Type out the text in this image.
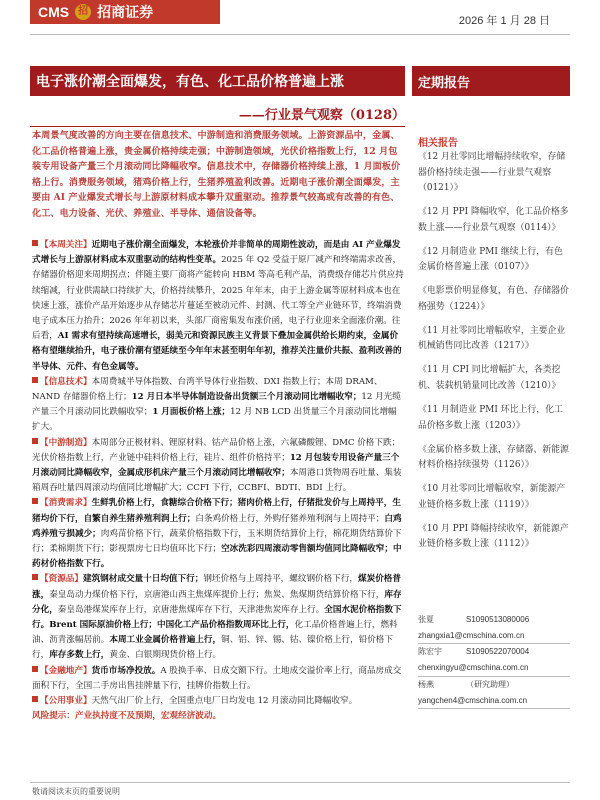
CMS 招 招商证券
2026 年 1 月 28 日
电子涨价潮全面爆发，有色、化工品价格普遍上涨	定期报告
——行业景气观察（0128）
本周景气度改善的方向主要在信息技术、中游制造和消费服务领域。上游资源品中，金属、化工品价格普遍上涨，贵金属价格持续走强；中游制造领域，光伏价格指数上行，12 月包装专用设备产量三个月滚动同比降幅收窄。信息技术中，存储器价格持续上涨，1 月面板价格上行。消费服务领域，猪鸡价格上行，生猪养殖盈利改善。近期电子涨价潮全面爆发，主要由 AI 产业爆发式增长与上游原材料成本攀升双重驱动。推荐景气较高或有改善的有色、化工、电力设备、光伏、养殖业、半导体、通信设备等。

【本周关注】近期电子涨价潮全面爆发，本轮涨价并非简单的周期性波动，而是由 AI 产业爆发式增长与上游原材料成本双重驱动的结构性变革。2025 年 Q2 受益于原厂减产和终端需求改善，存储器价格迎来周期拐点；伴随主要厂商将产能转向 HBM 等高毛利产品，消费级存储芯片供应持续缩减，行业供需缺口持续扩大，价格持续攀升，2025 年年末，由于上游金属等原材料成本也在快速上涨，涨价产品开始逐步从存储芯片蔓延至被动元件、封测、代工等全产业链环节，终端消费电子成本压力抬升；2026 年年初以来，头部厂商密集发布涨价函，电子行业迎来全面涨价潮。往后看，AI 需求有望持续高速增长，弱美元和资源民族主义背景下叠加金属供给长期约束，金属价格有望继续抬升，电子涨价潮有望延续至今年年末甚至明年年初，推荐关注量价共振、盈利改善的半导体、元件、有色金属等。

【信息技术】本周费城半导体指数、台湾半导体行业指数、DXI 指数上行；本周 DRAM、NAND 存储器价格上行；12 月日本半导体制造设备出货额三个月滚动同比增幅收窄；12 月光缆产量三个月滚动同比跌幅收窄；1 月面板价格上涨；12 月 NB LCD 出货量三个月滚动同比增幅扩大。

【中游制造】本周部分正极材料、锂原材料、钴产品价格上涨，六氟磷酸锂、DMC 价格下跌；光伏价格指数上行，产业链中硅料价格上行，硅片、组件价格持平；12 月包装专用设备产量三个月滚动同比降幅收窄，金属成形机床产量三个月滚动同比增幅收窄；本周港口货物周吞吐量、集装箱周吞吐量四周滚动均值同比增幅扩大；CCFI 下行，CCBFI、BDTI、BDI 上行。

【消费需求】生鲜乳价格上行，食糖综合价格下行；猪肉价格上行，仔猪批发价与上周持平，生猪均价下行，自繁自养生猪养殖利润上行；白条鸡价格上行，外购仔猪养殖利润与上周持平；白鸡鸡养殖亏损减少；肉鸡苗价格下行，蔬菜价格指数下行，玉米期货结算价上行，棉花期货结算价下行；柔棉期货下行；影视票房七日均值环比下行；空冰洗彩四周滚动零售额均值同比降幅收窄；中药材价格指数下行。

【资源品】建筑钢材成交量十日均值下行；钢坯价格与上周持平，螺纹钢价格下行，煤炭价格普涨，秦皇岛动力煤价格下行，京唐港山西主焦煤库提价上行；焦炭、焦煤期货结算价格下行，库存分化，秦皇岛港煤炭库存上行，京唐港焦煤库存下行，天津港焦炭库存上行。全国水泥价格指数下行。Brent 国际原油价格上行；中国化工产品价格指数周环比上行，化工品价格普遍上行，燃料油、沥青涨幅居前。本周工业金属价格普遍上行，铜、铝、锌、锡、钴、镍价格上行，铅价格下行，库存多数上行，黄金、白银期现货价格上行。

【金融地产】货币市场净投放。A 股换手率、日成交额下行。土地成交溢价率上行，商品房成交面积下行，全国二手房出售挂牌量下行，挂牌价指数上行。

【公用事业】天然气出厂价上行，全国重点电厂日均发电 12 月滚动同比降幅收窄。

风险提示：产业执持度不及预期，宏观经济波动。

相关报告
《12 月社零同比增幅持续收窄，存储器价格持续走强——行业景气观察（0121）》
《12 月 PPI 降幅收窄，化工品价格多数上涨——行业景气观察（0114）》
《12 月制造业 PMI 继续上行，有色金属价格普遍上涨（0107）》
《电影票价明显修复，有色、存储器价格强势（1224）》
《11 月社零同比增幅收窄，主要企业机械销售同比改善（1217）》
《11 月 CPI 同比增幅扩大，各类挖机、装载机销量同比改善（1210）》
《11 月制造业 PMI 环比上行，化工品价格多数上涨（1203）》
《金属价格多数上涨，存储器、新能源材料价格持续强势（1126）》
《10 月社零同比增幅收窄，新能源产业链价格多数上涨（1119）》
《10 月 PPI 降幅持续收窄，新能源产业链价格多数上涨（1112）》
张夏	S1090513080006
zhangxia1@cmschina.com.cn
陈宏宇	S1090522070004
chenxingyu@cmschina.com.cn
杨燕	（研究助理）
yangchen4@cmschina.com.cn
敬请阅读末页的重要说明
